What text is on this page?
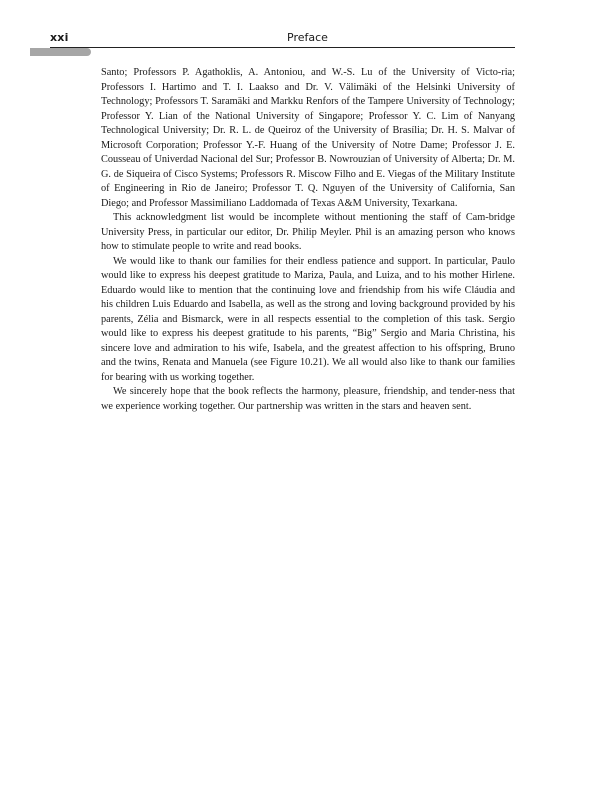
xxi	Preface

Santo; Professors P. Agathoklis, A. Antoniou, and W.-S. Lu of the University of Victo-ria; Professors I. Hartimo and T. I. Laakso and Dr. V. Välimäki of the Helsinki University of Technology; Professors T. Saramäki and Markku Renfors of the Tampere University of Technology; Professor Y. Lian of the National University of Singapore; Professor Y. C. Lim of Nanyang Technological University; Dr. R. L. de Queiroz of the University of Brasília; Dr. H. S. Malvar of Microsoft Corporation; Professor Y.-F. Huang of the University of Notre Dame; Professor J. E. Cousseau of Univerdad Nacional del Sur; Professor B. Nowrouzian of University of Alberta; Dr. M. G. de Siqueira of Cisco Systems; Professors R. Miscow Filho and E. Viegas of the Military Institute of Engineering in Rio de Janeiro; Professor T. Q. Nguyen of the University of California, San Diego; and Professor Massimiliano Laddomada of Texas A&M University, Texarkana.

This acknowledgment list would be incomplete without mentioning the staff of Cam-bridge University Press, in particular our editor, Dr. Philip Meyler. Phil is an amazing person who knows how to stimulate people to write and read books.

We would like to thank our families for their endless patience and support. In particular, Paulo would like to express his deepest gratitude to Mariza, Paula, and Luiza, and to his mother Hirlene. Eduardo would like to mention that the continuing love and friendship from his wife Cláudia and his children Luis Eduardo and Isabella, as well as the strong and loving background provided by his parents, Zélia and Bismarck, were in all respects essential to the completion of this task. Sergio would like to express his deepest gratitude to his parents, “Big” Sergio and Maria Christina, his sincere love and admiration to his wife, Isabela, and the greatest affection to his offspring, Bruno and the twins, Renata and Manuela (see Figure 10.21). We all would also like to thank our families for bearing with us working together.

We sincerely hope that the book reflects the harmony, pleasure, friendship, and tender-ness that we experience working together. Our partnership was written in the stars and heaven sent.
